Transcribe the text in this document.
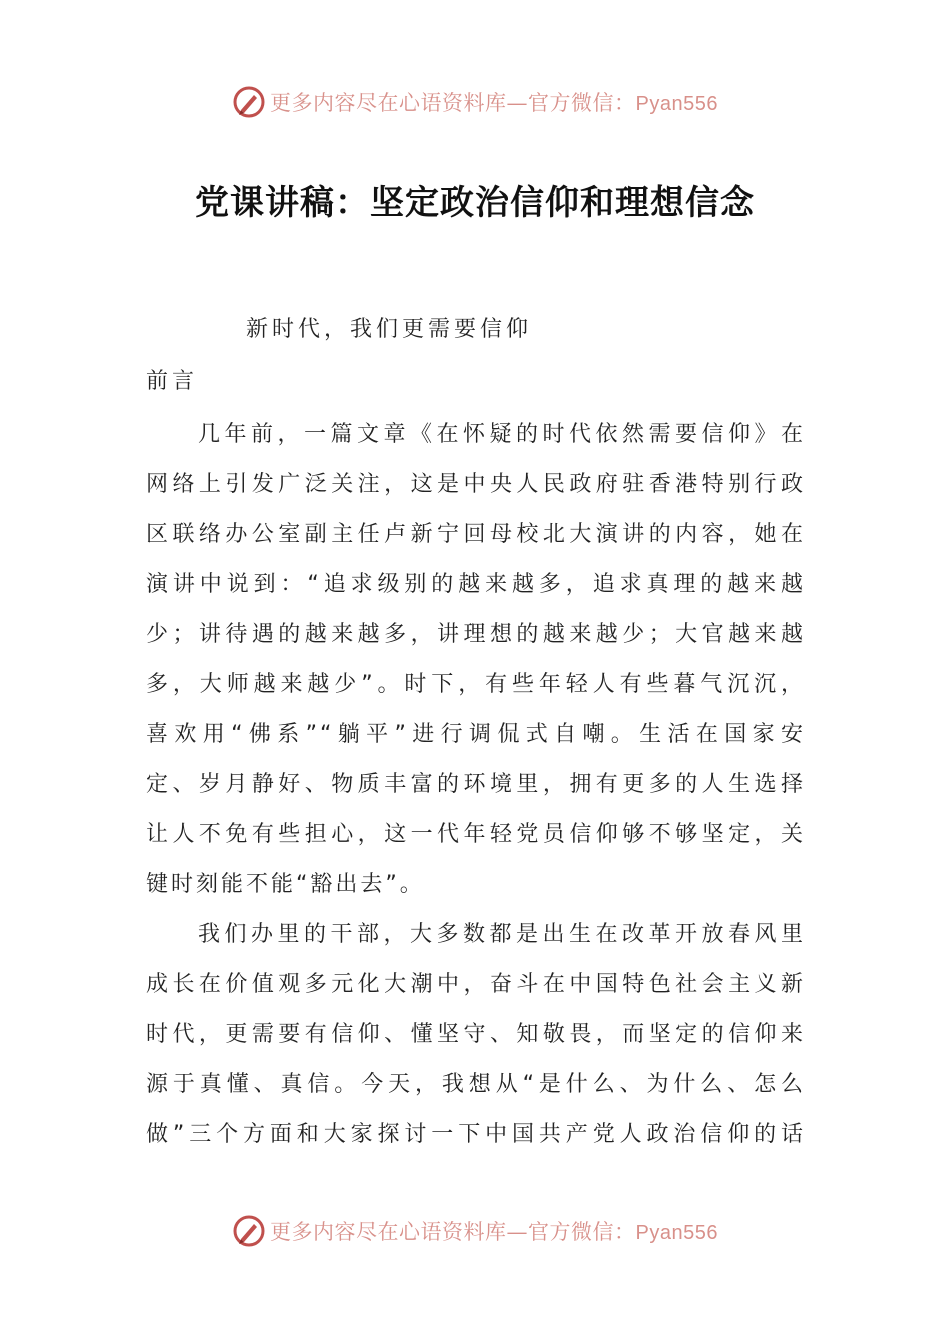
更多内容尽在心语资料库—官方微信：Pyan556
党课讲稿：坚定政治信仰和理想信念
新时代，我们更需要信仰
前言
几年前，一篇文章《在怀疑的时代依然需要信仰》在
网络上引发广泛关注，这是中央人民政府驻香港特别行政
区联络办公室副主任卢新宁回母校北大演讲的内容，她在
演讲中说到：“追求级别的越来越多，追求真理的越来越
少；讲待遇的越来越多，讲理想的越来越少；大官越来越
多，大师越来越少”。时下，有些年轻人有些暮气沉沉，
喜欢用“佛系”“躺平”进行调侃式自嘲。生活在国家安
定、岁月静好、物质丰富的环境里，拥有更多的人生选择
让人不免有些担心，这一代年轻党员信仰够不够坚定，关
键时刻能不能“豁出去”。
我们办里的干部，大多数都是出生在改革开放春风里
成长在价值观多元化大潮中，奋斗在中国特色社会主义新
时代，更需要有信仰、懂坚守、知敬畏，而坚定的信仰来
源于真懂、真信。今天，我想从“是什么、为什么、怎么
做”三个方面和大家探讨一下中国共产党人政治信仰的话
更多内容尽在心语资料库—官方微信：Pyan556
